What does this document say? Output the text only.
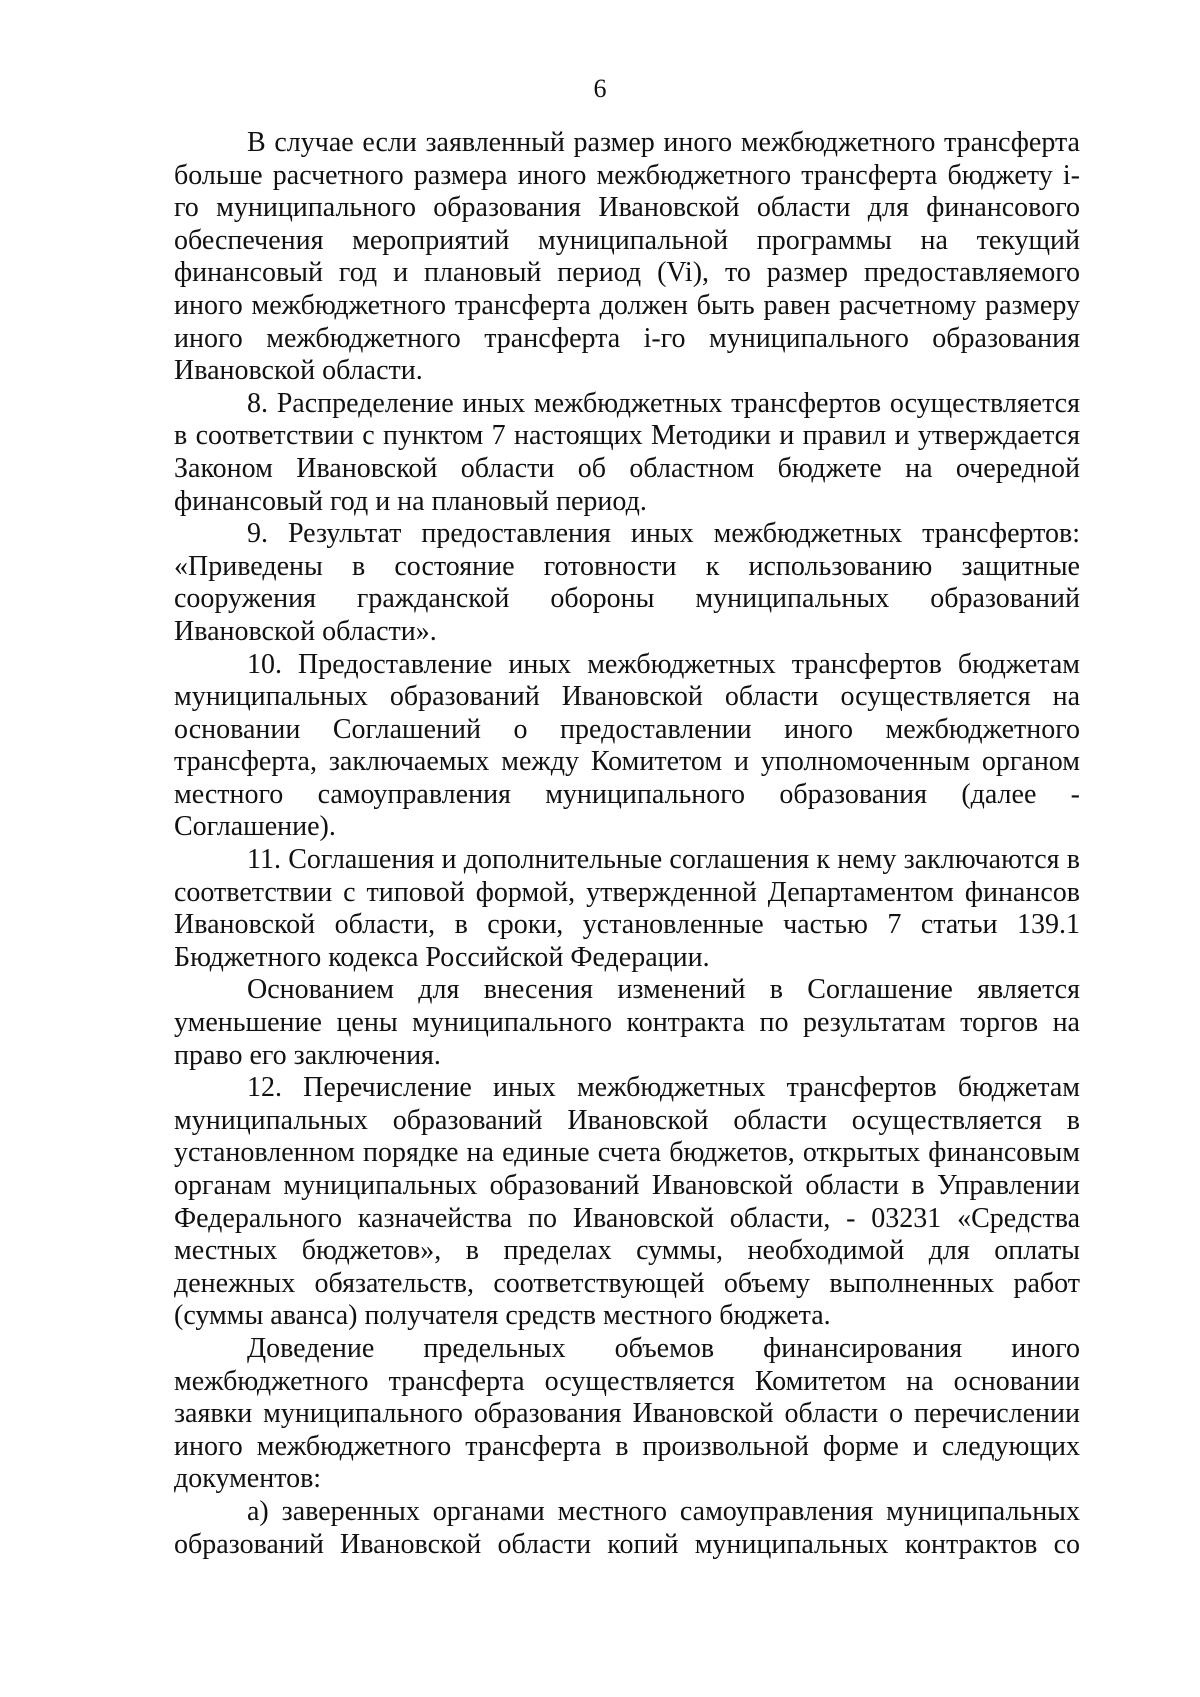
6

В случае если заявленный размер иного межбюджетного трансферта больше расчетного размера иного межбюджетного трансферта бюджету i-го муниципального образования Ивановской области для финансового обеспечения мероприятий муниципальной программы на текущий финансовый год и плановый период (Vi), то размер предоставляемого иного межбюджетного трансферта должен быть равен расчетному размеру иного межбюджетного трансферта i-го муниципального образования Ивановской области.

8. Распределение иных межбюджетных трансфертов осуществляется в соответствии с пунктом 7 настоящих Методики и правил и утверждается Законом Ивановской области об областном бюджете на очередной финансовый год и на плановый период.

9. Результат предоставления иных межбюджетных трансфертов: «Приведены в состояние готовности к использованию защитные сооружения гражданской обороны муниципальных образований Ивановской области».

10. Предоставление иных межбюджетных трансфертов бюджетам муниципальных образований Ивановской области осуществляется на основании Соглашений о предоставлении иного межбюджетного трансферта, заключаемых между Комитетом и уполномоченным органом местного самоуправления муниципального образования (далее - Соглашение).

11. Соглашения и дополнительные соглашения к нему заключаются в соответствии с типовой формой, утвержденной Департаментом финансов Ивановской области, в сроки, установленные частью 7 статьи 139.1 Бюджетного кодекса Российской Федерации.

Основанием для внесения изменений в Соглашение является уменьшение цены муниципального контракта по результатам торгов на право его заключения.

12. Перечисление иных межбюджетных трансфертов бюджетам муниципальных образований Ивановской области осуществляется в установленном порядке на единые счета бюджетов, открытых финансовым органам муниципальных образований Ивановской области в Управлении Федерального казначейства по Ивановской области, - 03231 «Средства местных бюджетов», в пределах суммы, необходимой для оплаты денежных обязательств, соответствующей объему выполненных работ (суммы аванса) получателя средств местного бюджета.

Доведение предельных объемов финансирования иного межбюджетного трансферта осуществляется Комитетом на основании заявки муниципального образования Ивановской области о перечислении иного межбюджетного трансферта в произвольной форме и следующих документов:

а) заверенных органами местного самоуправления муниципальных образований Ивановской области копий муниципальных контрактов со
